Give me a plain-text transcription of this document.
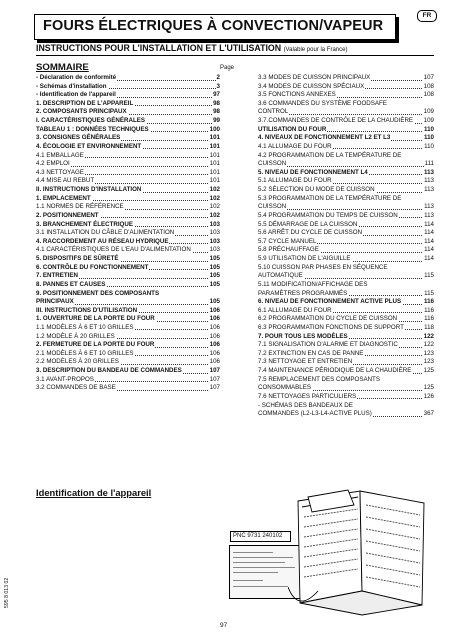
FOURS ÉLECTRIQUES À CONVECTION/VAPEUR
FR
INSTRUCTIONS POUR L'INSTALLATION ET L'UTILISATION (Valable pour la France)
SOMMAIRE	Page
- Déclaration de conformité	2
- Schémas d'installation	3
- Identification de l'appareil	97
1. DESCRIPTION DE L'APPAREIL	98
2. COMPOSANTS PRINCIPAUX	98
I. CARACTÉRISTIQUES GÉNÉRALES	99
TABLEAU 1 : DONNÉES TECHNIQUES	100
3. CONSIGNES GÉNÉRALES	101
4. ÉCOLOGIE ET ENVIRONNEMENT	101
4.1 EMBALLAGE	101
4.2 EMPLOI	101
4.3 NETTOYAGE	101
4.4 MISE AU REBUT	101
II. INSTRUCTIONS D'INSTALLATION	102
1. EMPLACEMENT	102
1.1 NORMES DE RÉFÉRENCE	102
2. POSITIONNEMENT	102
3. BRANCHEMENT ÉLECTRIQUE	103
3.1 INSTALLATION DU CÂBLE D'ALIMENTATION	103
4. RACCORDEMENT AU RÉSEAU HYDRIQUE	103
4.1 CARACTÉRISTIQUES DE L'EAU D'ALIMENTATION	103
5. DISPOSITIFS DE SÛRETÉ	105
6. CONTRÔLE DU FONCTIONNEMENT	105
7. ENTRETIEN	105
8. PANNES ET CAUSES	105
9. POSITIONNEMENT DES COMPOSANTS
PRINCIPAUX	105
III. INSTRUCTIONS D'UTILISATION	106
1. OUVERTURE DE LA PORTE DU FOUR	106
1.1 MODÈLES À 6 ET 10 GRILLES	106
1.2 MODÈLE À 20 GRILLES	106
2. FERMETURE DE LA PORTE DU FOUR	106
2.1 MODÈLES À 6 ET 10 GRILLES	106
2.2 MODÈLES À 20 GRILLES	106
3. DESCRIPTION DU BANDEAU DE COMMANDES	107
3.1 AVANT-PROPOS	107
3.2 COMMANDES DE BASE	107
3.3 MODES DE CUISSON PRINCIPAUX	107
3.4 MODES DE CUISSON SPÉCIAUX	108
3.5 FONCTIONS ANNEXES	108
3.6 COMMANDES DU SYSTÈME FOODSAFE
CONTROL	109
3.7.COMMANDES DE CONTRÔLE DE LA CHAUDIÈRE 109
UTILISATION DU FOUR	110
4. NIVEAUX DE FONCTIONNEMENT L2 ET L3	110
4.1 ALLUMAGE DU FOUR	110
4.2 PROGRAMMATION DE LA TEMPÉRATURE DE
CUISSON	111
5. NIVEAU DE FONCTIONNEMENT L4	113
5.1 ALLUMAGE DU FOUR	113
5.2 SÉLECTION DU MODE DE CUISSON	113
5.3 PROGRAMMATION DE LA TEMPÉRATURE DE
CUISSON	113
5.4 PROGRAMMATION DU TEMPS DE CUISSON	113
5.5 DÉMARRAGE DE LA CUISSON	114
5.6 ARRÊT DU CYCLE DE CUISSON	114
5.7 CYCLE MANUEL	114
5.8 PRÉCHAUFFAGE	114
5.9 UTILISATION DE L'AIGUILLE	114
5.10 CUISSON PAR PHASES EN SÉQUENCE
AUTOMATIQUE	115
5.11 MODIFICATION/AFFICHAGE DES
PARAMÈTRES PROGRAMMÉS	115
6. NIVEAU DE FONCTIONNEMENT ACTIVE PLUS	116
6.1 ALLUMAGE DU FOUR	116
6.2 PROGRAMMATION DU CYCLE DE CUISSON	116
6.3 PROGRAMMATION FONCTIONS DE SUPPORT	118
7. POUR TOUS LES MODÈLES	122
7.1 SIGNALISATION D'ALARME ET DIAGNOSTIC	122
7.2 EXTINCTION EN CAS DE PANNE	123
7.3 NETTOYAGE ET ENTRETIEN	123
7.4 MAINTENANCE PÉRIODIQUE DE LA CHAUDIÈRE 125
7.5 REMPLACEMENT DES COMPOSANTS
CONSOMMABLES	125
7.6 NETTOYAGES PARTICULIERS	126
- SCHÉMAS DES BANDEAUX DE
COMMANDES (L2-L3-L4-ACTIVE PLUS)	367
Identification de l'appareil
PNC 9731 240102
595 8 013 02
97
